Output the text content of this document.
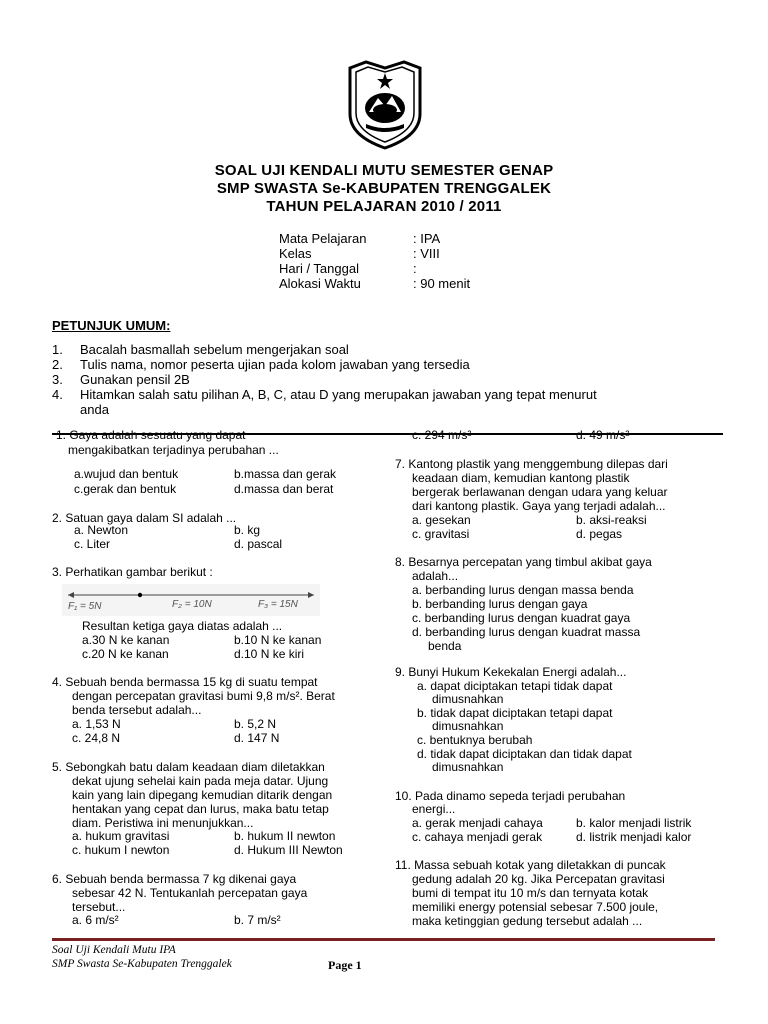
SOAL UJI KENDALI MUTU SEMESTER GENAP
SMP SWASTA Se-KABUPATEN TRENGGALEK
TAHUN PELAJARAN 2010 / 2011
Mata Pelajaran	: IPA
Kelas	: VIII
Hari / Tanggal	:
Alokasi Waktu	: 90 menit
PETUNJUK UMUM:
1. Bacalah basmallah sebelum mengerjakan soal
2. Tulis nama, nomor peserta ujian pada kolom jawaban yang tersedia
3. Gunakan pensil 2B
4. Hitamkan salah satu pilihan A, B, C, atau D yang merupakan jawaban yang tepat menurut
anda
1. Gaya adalah sesuatu yang dapat
mengakibatkan terjadinya perubahan ...
a.wujud dan bentuk	b.massa dan gerak
c.gerak dan bentuk	d.massa dan berat
2. Satuan gaya dalam SI adalah ...
a. Newton	b. kg
c. Liter	d. pascal
3. Perhatikan gambar berikut :
F₁ = 5N	F₂ = 10N	F₃ = 15N
Resultan ketiga gaya diatas adalah ...
a.30 N ke kanan	b.10 N ke kanan
c.20 N ke kanan	d.10 N ke kiri
4. Sebuah benda bermassa 15 kg di suatu tempat
dengan percepatan gravitasi bumi 9,8 m/s². Berat
benda tersebut adalah...
a. 1,53 N	b. 5,2 N
c. 24,8 N	d. 147 N
5. Sebongkah batu dalam keadaan diam diletakkan
dekat ujung sehelai kain pada meja datar. Ujung
kain yang lain dipegang kemudian ditarik dengan
hentakan yang cepat dan lurus, maka batu tetap
diam. Peristiwa ini menunjukkan...
a. hukum gravitasi	b. hukum II newton
c. hukum I newton	d. Hukum III Newton
6. Sebuah benda bermassa 7 kg dikenai gaya
sebesar 42 N. Tentukanlah percepatan gaya
tersebut...
a. 6 m/s²	b. 7 m/s²
c. 294 m/s²	d. 49 m/s²
7. Kantong plastik yang menggembung dilepas dari
keadaan diam, kemudian kantong plastik
bergerak berlawanan dengan udara yang keluar
dari kantong plastik. Gaya yang terjadi adalah...
a. gesekan	b. aksi-reaksi
c. gravitasi	d. pegas
8. Besarnya percepatan yang timbul akibat gaya
adalah...
a. berbanding lurus dengan massa benda
b. berbanding lurus dengan gaya
c. berbanding lurus dengan kuadrat gaya
d. berbanding lurus dengan kuadrat massa
benda
9. Bunyi Hukum Kekekalan Energi adalah...
a. dapat diciptakan tetapi tidak dapat
dimusnahkan
b. tidak dapat diciptakan tetapi dapat
dimusnahkan
c. bentuknya berubah
d. tidak dapat diciptakan dan tidak dapat
dimusnahkan
10. Pada dinamo sepeda terjadi perubahan
energi...
a. gerak menjadi cahaya	b. kalor menjadi listrik
c. cahaya menjadi gerak	d. listrik menjadi kalor
11. Massa sebuah kotak yang diletakkan di puncak
gedung adalah 20 kg. Jika Percepatan gravitasi
bumi di tempat itu 10 m/s dan ternyata kotak
memiliki energy potensial sebesar 7.500 joule,
maka ketinggian gedung tersebut adalah ...
Soal Uji Kendali Mutu IPA
SMP Swasta Se-Kabupaten Trenggalek	Page 1
